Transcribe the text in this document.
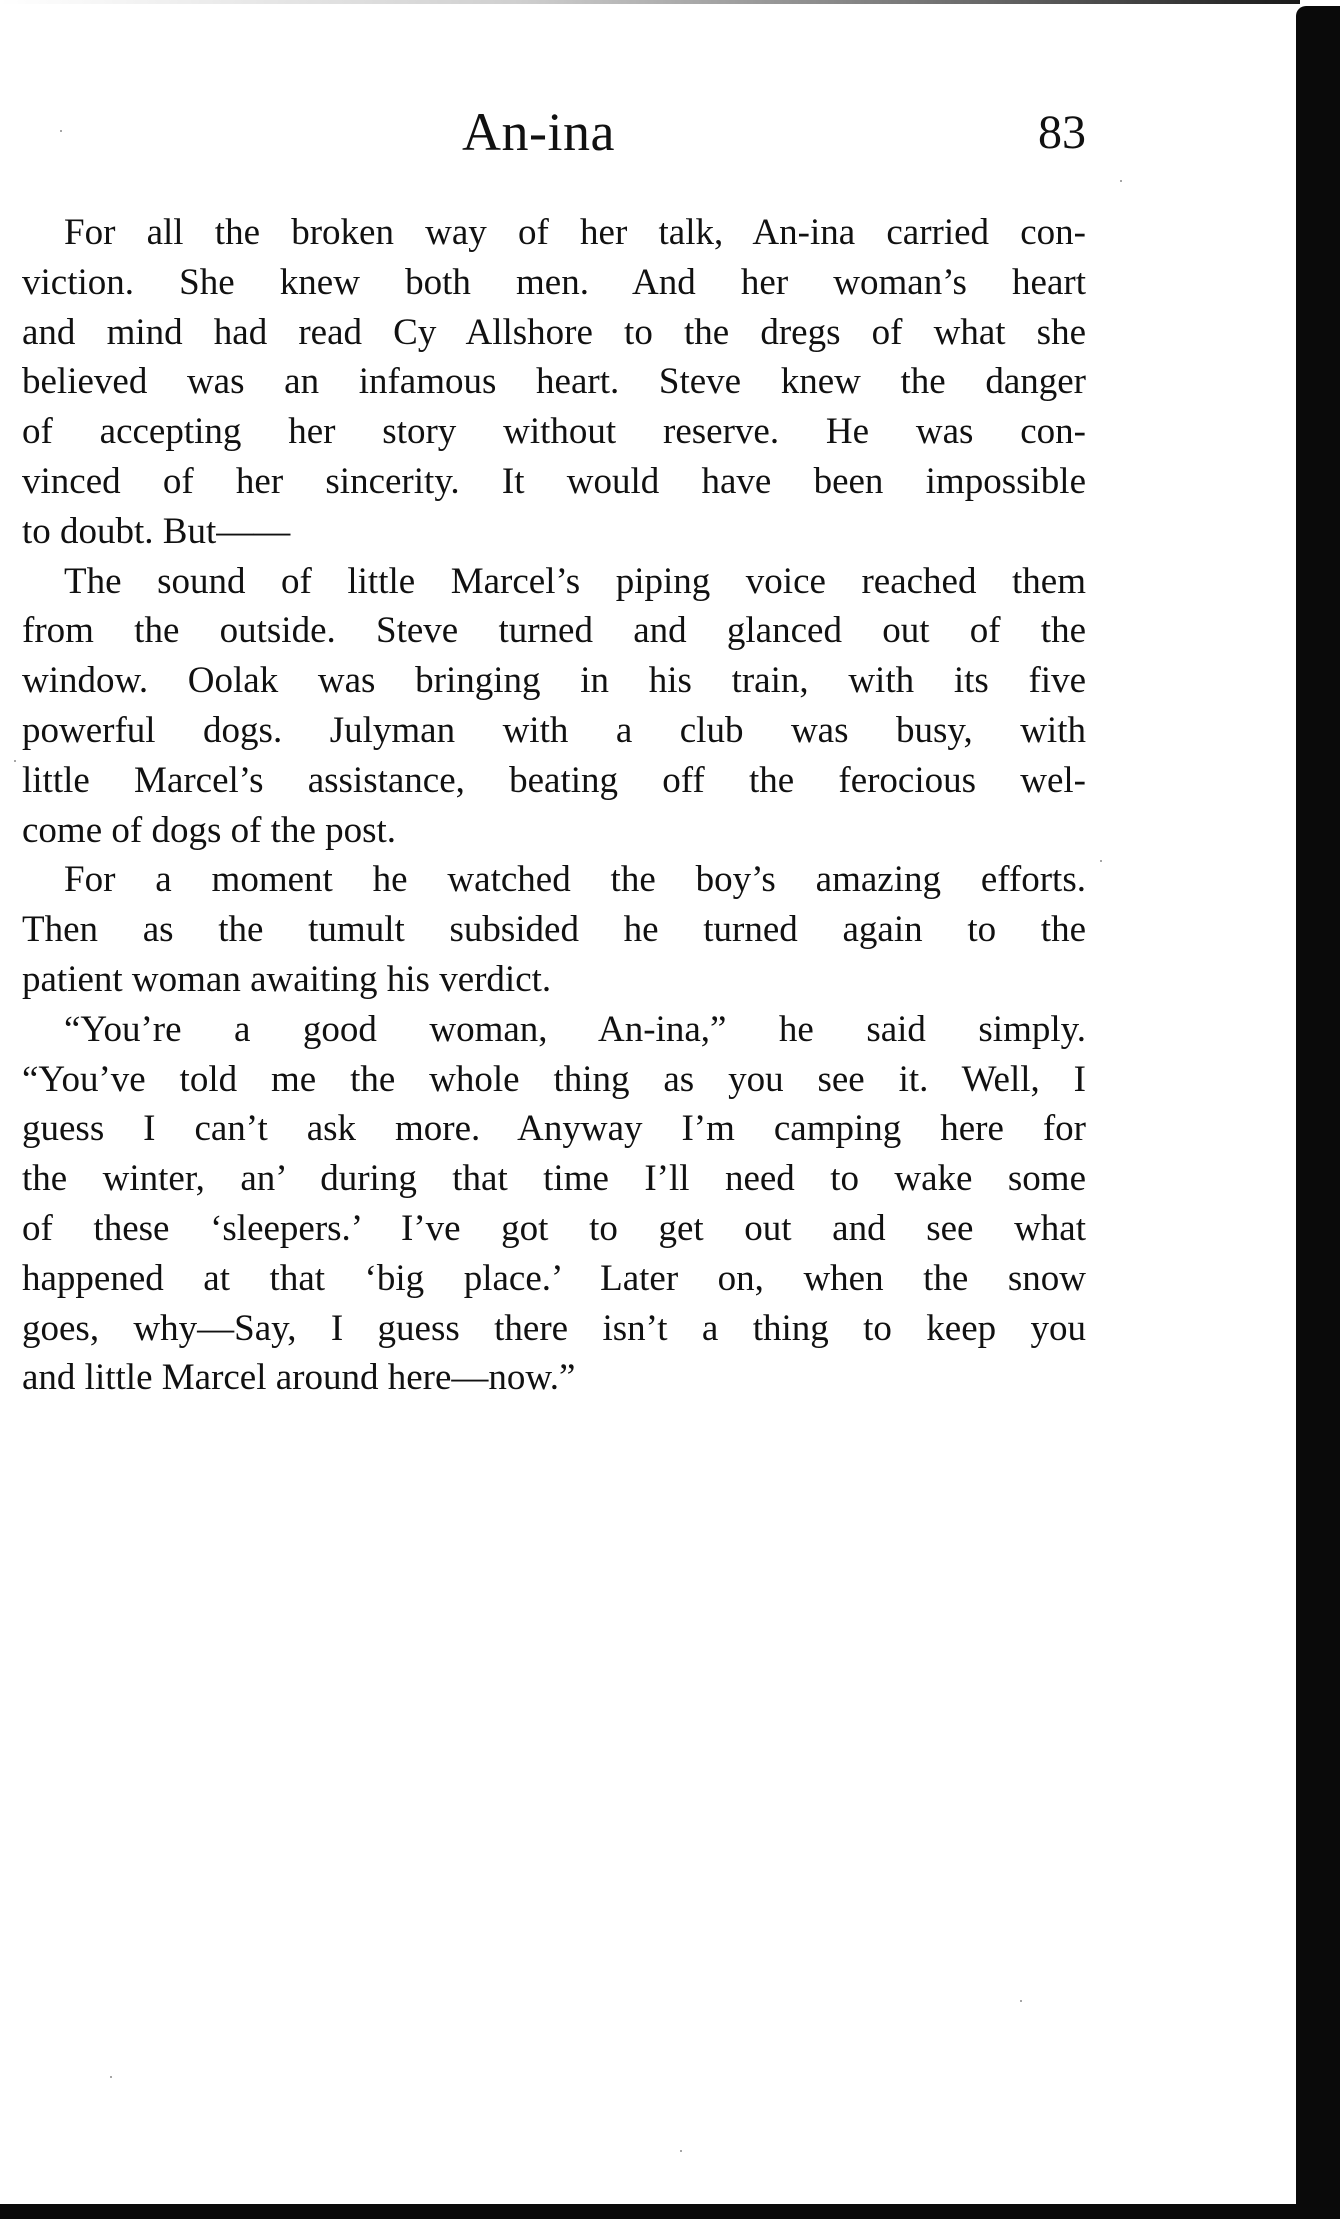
An-ina	83
For all the broken way of her talk, An-ina carried con-
viction. She knew both men. And her woman’s heart
and mind had read Cy Allshore to the dregs of what she
believed was an infamous heart. Steve knew the danger
of accepting her story without reserve. He was con-
vinced of her sincerity. It would have been impossible
to doubt. But——
The sound of little Marcel’s piping voice reached them
from the outside. Steve turned and glanced out of the
window. Oolak was bringing in his train, with its five
powerful dogs. Julyman with a club was busy, with
little Marcel’s assistance, beating off the ferocious wel-
come of dogs of the post.
For a moment he watched the boy’s amazing efforts.
Then as the tumult subsided he turned again to the
patient woman awaiting his verdict.
“You’re a good woman, An-ina,” he said simply.
“You’ve told me the whole thing as you see it. Well, I
guess I can’t ask more. Anyway I’m camping here for
the winter, an’ during that time I’ll need to wake some
of these ‘sleepers.’ I’ve got to get out and see what
happened at that ‘big place.’ Later on, when the snow
goes, why—Say, I guess there isn’t a thing to keep you
and little Marcel around here—now.”
